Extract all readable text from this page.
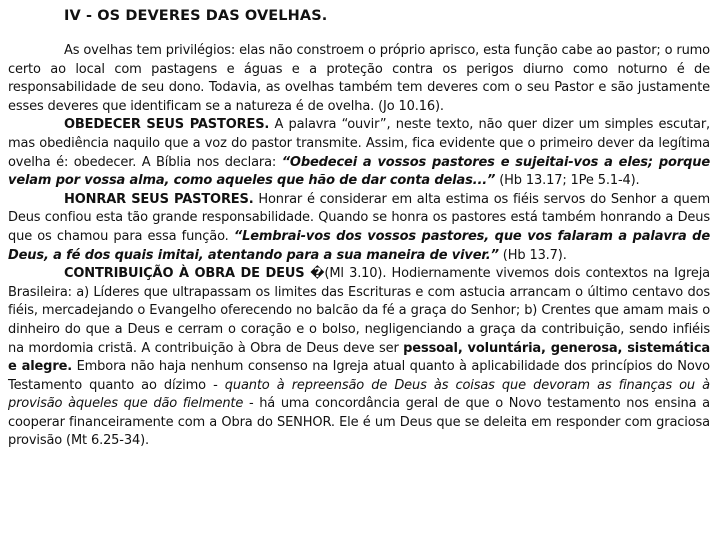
IV - OS DEVERES DAS OVELHAS.

As ovelhas tem privilégios: elas não constroem o próprio aprisco, esta função cabe ao pastor; o rumo certo ao local com pastagens e águas e a proteção contra os perigos diurno como noturno é de responsabilidade de seu dono. Todavia, as ovelhas também tem deveres com o seu Pastor e são justamente esses deveres que identificam se a natureza é de ovelha. (Jo 10.16).

OBEDECER SEUS PASTORES. A palavra “ouvir”, neste texto, não quer dizer um simples escutar, mas obediência naquilo que a voz do pastor transmite. Assim, fica evidente que o primeiro dever da legítima ovelha é: obedecer. A Bíblia nos declara: “Obedecei a vossos pastores e sujeitai-vos a eles; porque velam por vossa alma, como aqueles que hão de dar conta delas...” (Hb 13.17; 1Pe 5.1-4).

HONRAR SEUS PASTORES. Honrar é considerar em alta estima os fiéis servos do Senhor a quem Deus confiou esta tão grande responsabilidade. Quando se honra os pastores está também honrando a Deus que os chamou para essa função. “Lembrai-vos dos vossos pastores, que vos falaram a palavra de Deus, a fé dos quais imitai, atentando para a sua maneira de viver.” (Hb 13.7).

CONTRIBUIÇÃO À OBRA DE DEUS �(Ml 3.10). Hodiernamente vivemos dois contextos na Igreja Brasileira: a) Líderes que ultrapassam os limites das Escrituras e com astucia arrancam o último centavo dos fiéis, mercadejando o Evangelho oferecendo no balcão da fé a graça do Senhor; b) Crentes que amam mais o dinheiro do que a Deus e cerram o coração e o bolso, negligenciando a graça da contribuição, sendo infiéis na mordomia cristã. A contribuição à Obra de Deus deve ser pessoal, voluntária, generosa, sistemática e alegre. Embora não haja nenhum consenso na Igreja atual quanto à aplicabilidade dos princípios do Novo Testamento quanto ao dízimo - quanto à repreensão de Deus às coisas que devoram as finanças ou à provisão àqueles que dão fielmente - há uma concordância geral de que o Novo testamento nos ensina a cooperar financeiramente com a Obra do SENHOR. Ele é um Deus que se deleita em responder com graciosa provisão (Mt 6.25-34).
